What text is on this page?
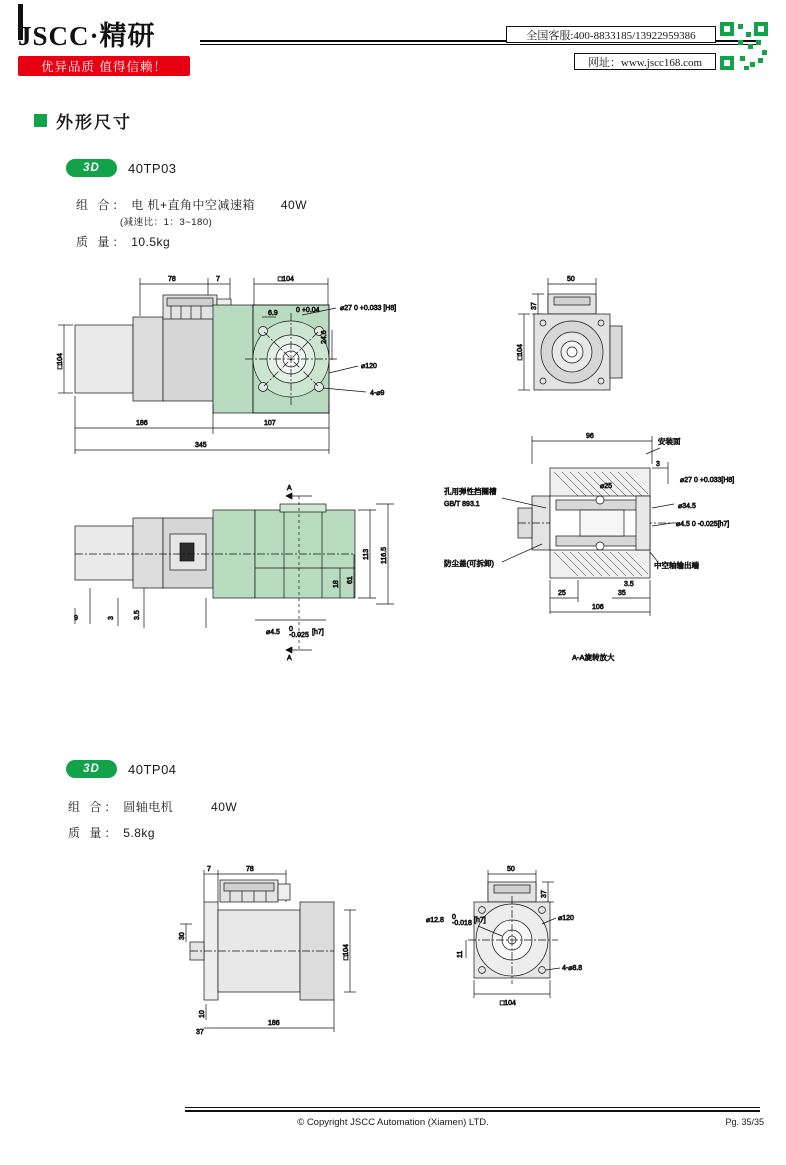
JSCC·精研
优异品质 值得信赖！
全国客服:400-8833185/13922959386
网址：www.jscc168.com
外形尺寸
3D	40TP03
组 合： 电 机+直角中空减速箱 40W
(减速比：1：3~180)
质 量： 10.5kg
78	7	□104
□104
6.9	0 +0.04	⌀27 0 +0.033 [H8]
24.6
⌀120
4-⌀9
186	107
345
50
37
□104
A
9	3	3.5
113 116.5
61
18
⌀4.5 0
-0.025 [h7]
A
96
安装面
3
⌀27 0 +0.033[H8]
孔用弹性挡圈槽
GB/T 893.1
防尘盖(可拆卸)	中空轴输出端
⌀25
⌀34.5
⌀4.5 0 -0.025[h7]
25
106
35
3.5
A-A旋转放大
3D	40TP04
组 合： 圆轴电机	40W
质 量： 5.8kg
7	78
30
10
37
186
□104
50
37
⌀12.8 0
-0.018 [h7]	⌀120
4-⌀8.8
11
□104
© Copyright JSCC Automation (Xiamen) LTD.	Pg. 35/35
